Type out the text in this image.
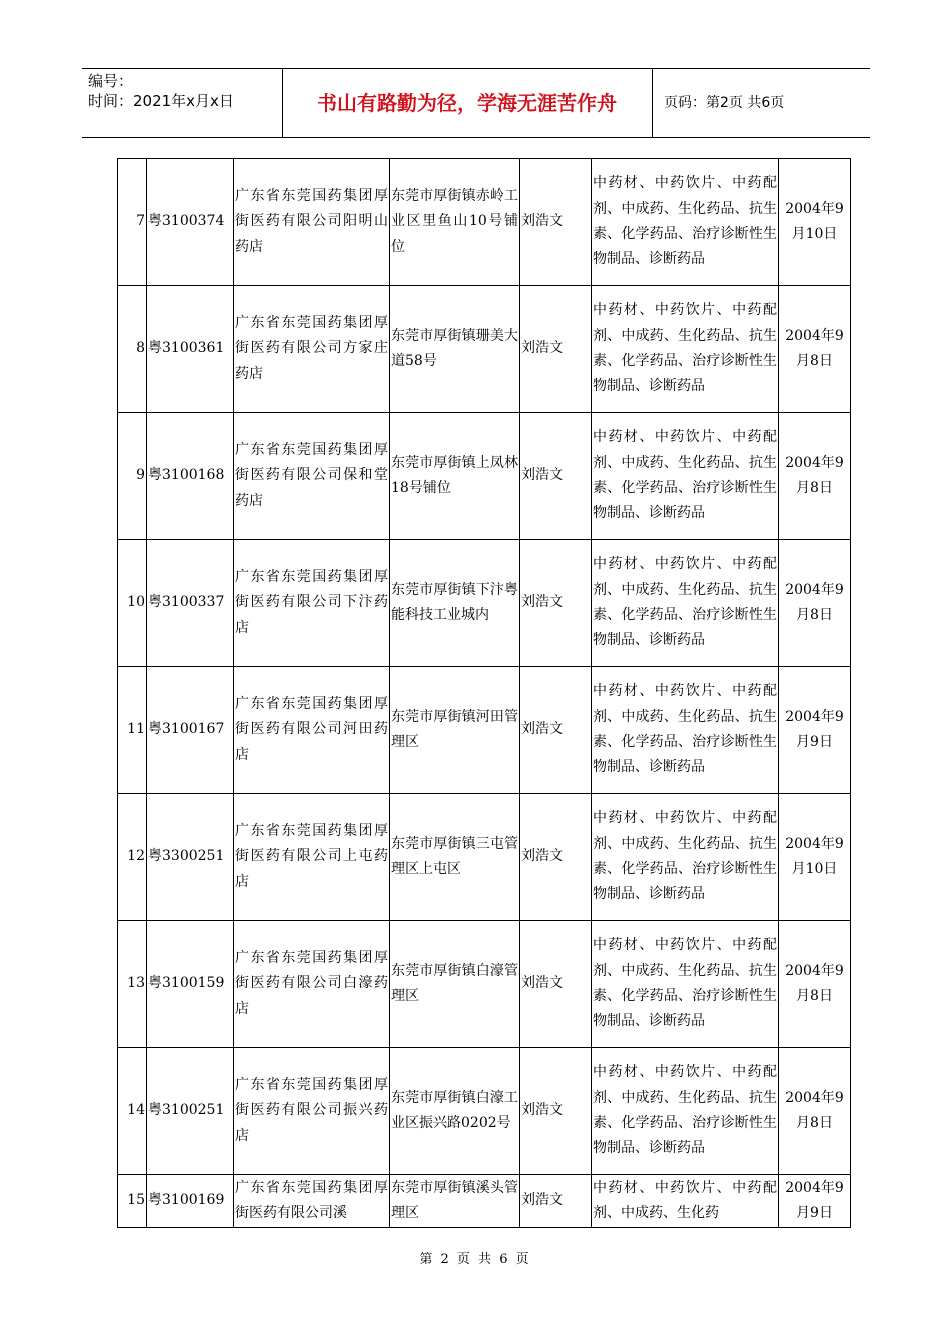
编号：
时间：2021年x月x日	书山有路勤为径，学海无涯苦作舟	页码：第2页 共6页
7	粤3100374	广东省东莞国药集团厚街医药有限公司阳明山药店	东莞市厚街镇赤岭工业区里鱼山10号铺位	刘浩文	中药材、中药饮片、中药配剂、中成药、生化药品、抗生素、化学药品、治疗诊断性生物制品、诊断药品	2004年9月10日
8	粤3100361	广东省东莞国药集团厚街医药有限公司方家庄药店	东莞市厚街镇珊美大道58号	刘浩文	中药材、中药饮片、中药配剂、中成药、生化药品、抗生素、化学药品、治疗诊断性生物制品、诊断药品	2004年9月8日
9	粤3100168	广东省东莞国药集团厚街医药有限公司保和堂药店	东莞市厚街镇上凤林18号铺位	刘浩文	中药材、中药饮片、中药配剂、中成药、生化药品、抗生素、化学药品、治疗诊断性生物制品、诊断药品	2004年9月8日
10	粤3100337	广东省东莞国药集团厚街医药有限公司下汴药店	东莞市厚街镇下汴粤能科技工业城内	刘浩文	中药材、中药饮片、中药配剂、中成药、生化药品、抗生素、化学药品、治疗诊断性生物制品、诊断药品	2004年9月8日
11	粤3100167	广东省东莞国药集团厚街医药有限公司河田药店	东莞市厚街镇河田管理区	刘浩文	中药材、中药饮片、中药配剂、中成药、生化药品、抗生素、化学药品、治疗诊断性生物制品、诊断药品	2004年9月9日
12	粤3300251	广东省东莞国药集团厚街医药有限公司上屯药店	东莞市厚街镇三屯管理区上屯区	刘浩文	中药材、中药饮片、中药配剂、中成药、生化药品、抗生素、化学药品、治疗诊断性生物制品、诊断药品	2004年9月10日
13	粤3100159	广东省东莞国药集团厚街医药有限公司白濠药店	东莞市厚街镇白濠管理区	刘浩文	中药材、中药饮片、中药配剂、中成药、生化药品、抗生素、化学药品、治疗诊断性生物制品、诊断药品	2004年9月8日
14	粤3100251	广东省东莞国药集团厚街医药有限公司振兴药店	东莞市厚街镇白濠工业区振兴路0202号	刘浩文	中药材、中药饮片、中药配剂、中成药、生化药品、抗生素、化学药品、治疗诊断性生物制品、诊断药品	2004年9月8日
15	粤3100169	广东省东莞国药集团厚街医药有限公司溪	东莞市厚街镇溪头管理区	刘浩文	中药材、中药饮片、中药配剂、中成药、生化药	2004年9月9日
第 2 页 共 6 页
